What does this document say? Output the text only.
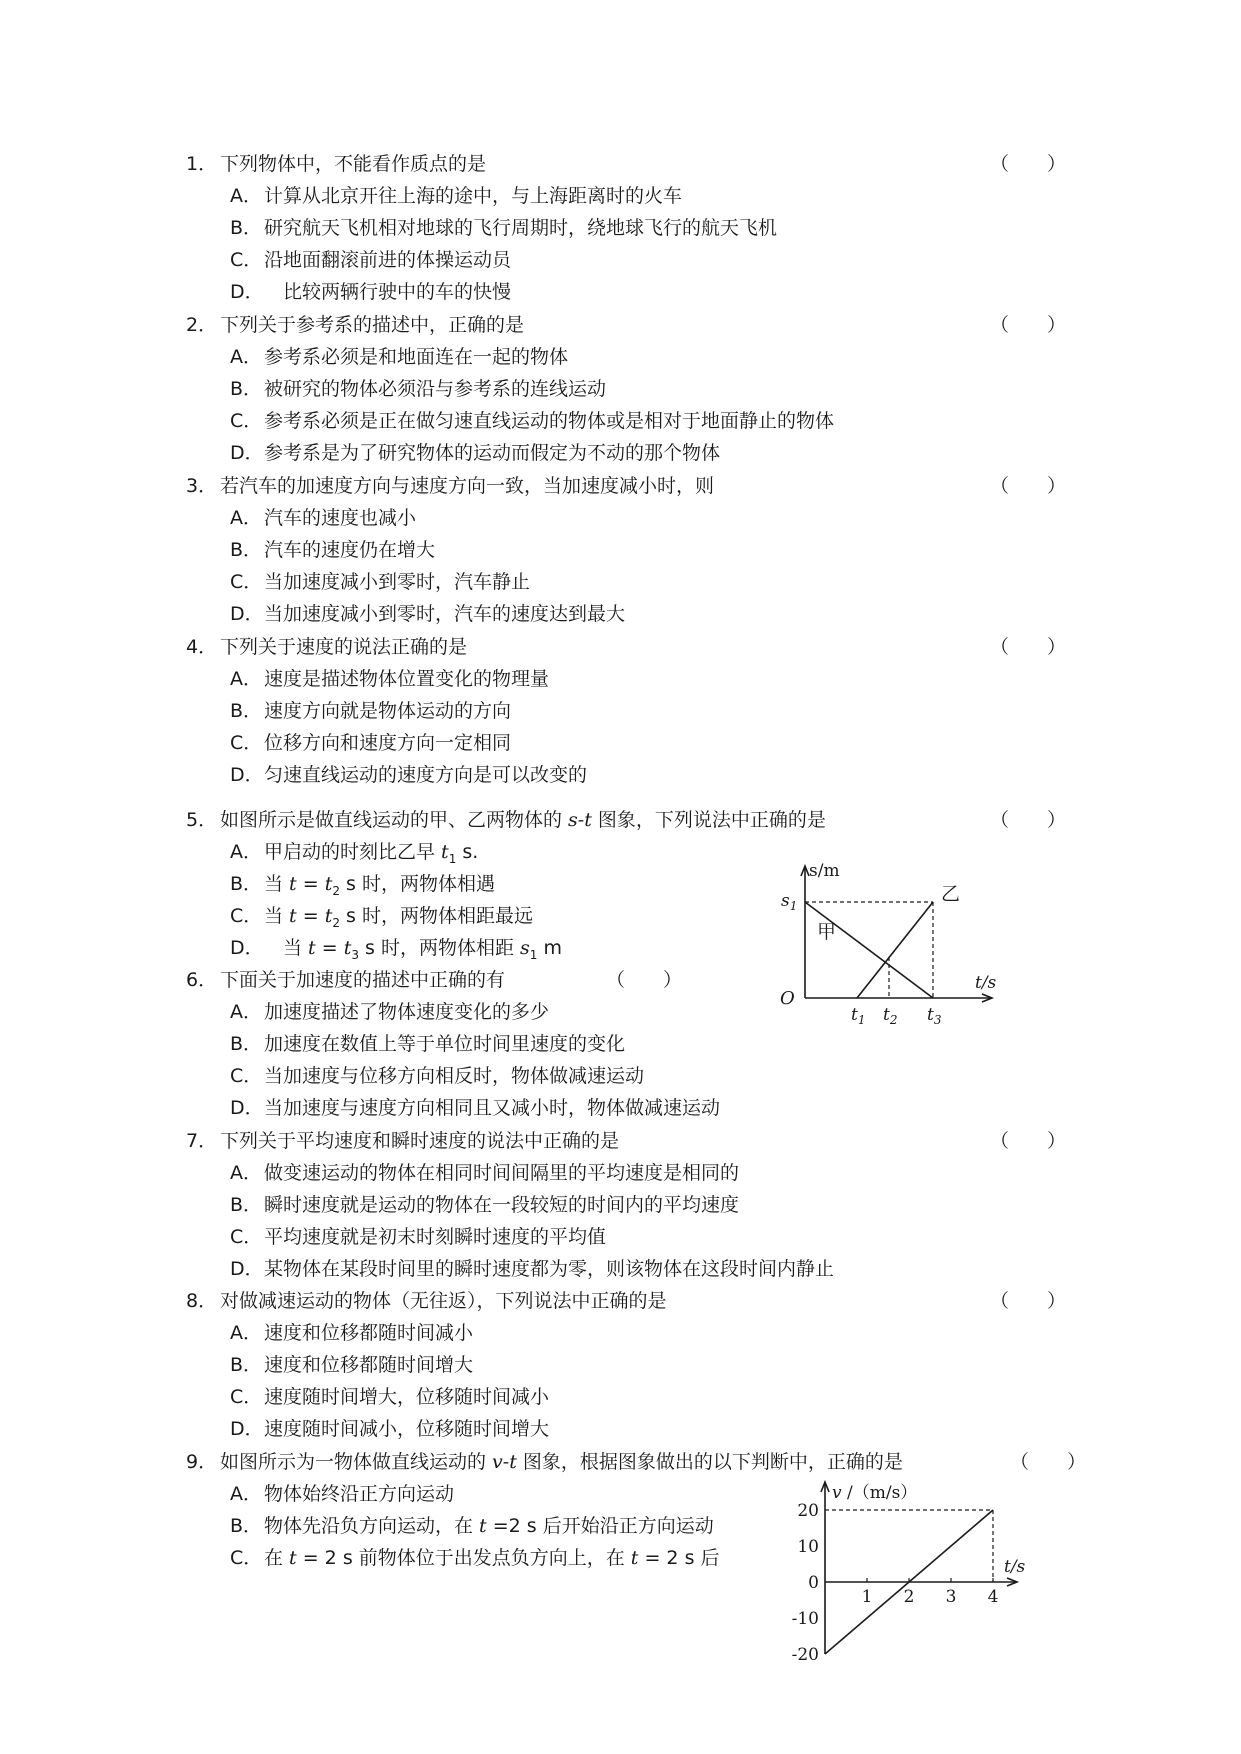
1． 下列物体中，不能看作质点的是	（　　）
A． 计算从北京开往上海的途中，与上海距离时的火车
B． 研究航天飞机相对地球的飞行周期时，绕地球飞行的航天飞机
C．沿地面翻滚前进的体操运动员
D．　比较两辆行驶中的车的快慢
2． 下列关于参考系的描述中，正确的是	（　　）
A． 参考系必须是和地面连在一起的物体
B． 被研究的物体必须沿与参考系的连线运动
C．参考系必须是正在做匀速直线运动的物体或是相对于地面静止的物体
D．参考系是为了研究物体的运动而假定为不动的那个物体
3． 若汽车的加速度方向与速度方向一致，当加速度减小时，则	（　　）
A． 汽车的速度也减小
B． 汽车的速度仍在增大
C．当加速度减小到零时，汽车静止
D．当加速度减小到零时，汽车的速度达到最大
4． 下列关于速度的说法正确的是	（　　）
A． 速度是描述物体位置变化的物理量
B． 速度方向就是物体运动的方向
C．位移方向和速度方向一定相同
D．匀速直线运动的速度方向是可以改变的
5． 如图所示是做直线运动的甲、乙两物体的 s-t 图象，下列说法中正确的是	（　　）
A． 甲启动的时刻比乙早 $t_1$ s.
B． 当 $t = t_2$ s 时，两物体相遇
C．当 $t = t_2$ s 时，两物体相距最远
D．　当 $t = t_3$ s 时，两物体相距 $s_1$ m
s/m
t/s
O
$s_1$
$t_1$ $t_2$ $t_3$
甲
乙
6． 下面关于加速度的描述中正确的有	（　　）
A． 加速度描述了物体速度变化的多少
B． 加速度在数值上等于单位时间里速度的变化
C．当加速度与位移方向相反时，物体做减速运动
D．当加速度与速度方向相同且又减小时，物体做减速运动
7． 下列关于平均速度和瞬时速度的说法中正确的是	（　　）
A． 做变速运动的物体在相同时间间隔里的平均速度是相同的
B． 瞬时速度就是运动的物体在一段较短的时间内的平均速度
C．平均速度就是初末时刻瞬时速度的平均值
D．某物体在某段时间里的瞬时速度都为零，则该物体在这段时间内静止
8． 对做减速运动的物体（无往返），下列说法中正确的是	（　　）
A． 速度和位移都随时间减小
B． 速度和位移都随时间增大
C．速度随时间增大，位移随时间减小
D．速度随时间减小，位移随时间增大
9． 如图所示为一物体做直线运动的 v-t 图象，根据图象做出的以下判断中，正确的是	（　　）
A． 物体始终沿正方向运动
B． 物体先沿负方向运动，在 t =2 s 后开始沿正方向运动
C．在 t = 2 s 前物体位于出发点负方向上，在 t = 2 s 后
20
10
0
-10
-20
1 2 3 4
v /（m/s）
t/s
